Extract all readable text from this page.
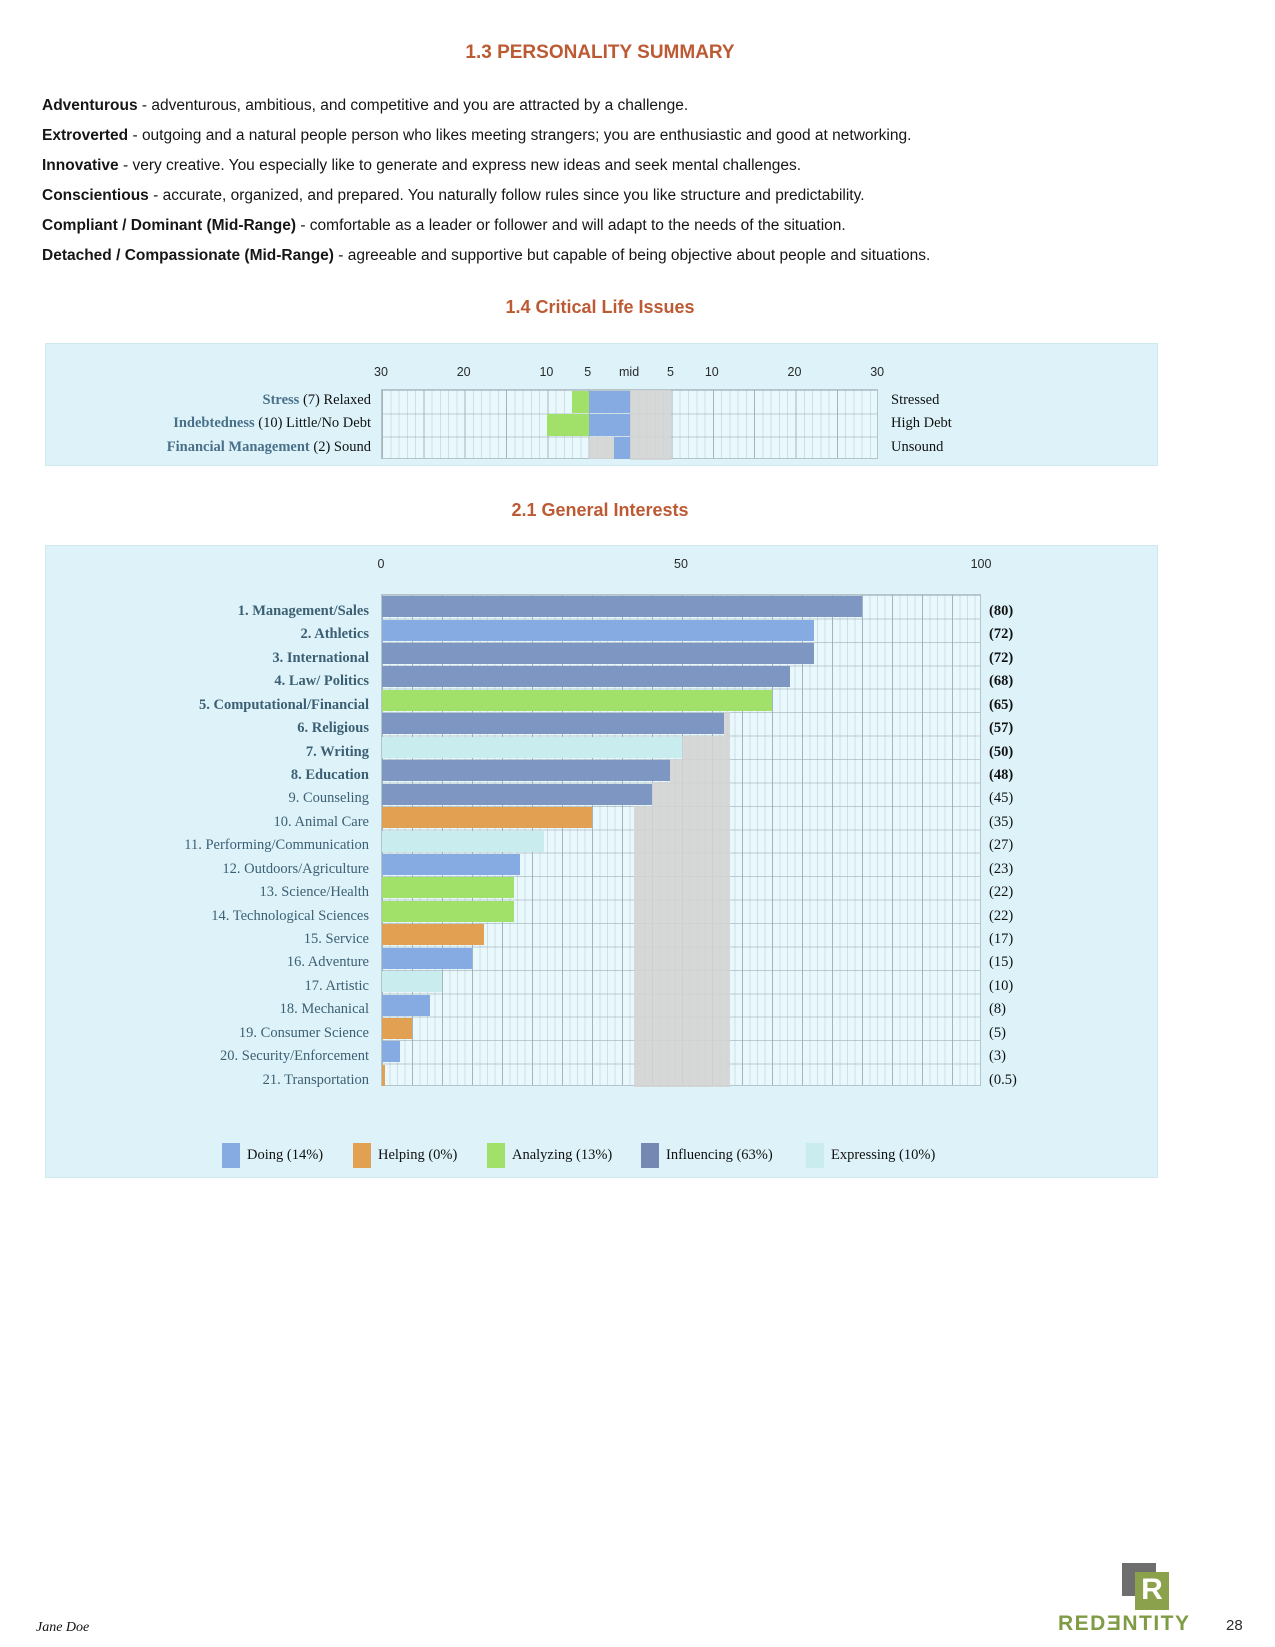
1.3 PERSONALITY SUMMARY
Adventurous - adventurous, ambitious, and competitive and you are attracted by a challenge.
Extroverted - outgoing and a natural people person who likes meeting strangers; you are enthusiastic and good at networking.
Innovative - very creative. You especially like to generate and express new ideas and seek mental challenges.
Conscientious - accurate, organized, and prepared. You naturally follow rules since you like structure and predictability.
Compliant / Dominant (Mid-Range) - comfortable as a leader or follower and will adapt to the needs of the situation.
Detached / Compassionate (Mid-Range) - agreeable and supportive but capable of being objective about people and situations.
1.4 Critical Life Issues
30	20	10 5 mid 5 10	20	30
Stress (7) Relaxed	Stressed
Indebtedness (10) Little/No Debt	High Debt
Financial Management (2) Sound	Unsound
2.1 General Interests
0	50	100
1. Management/Sales	(80)
2. Athletics	(72)
3. International	(72)
4. Law/ Politics	(68)
5. Computational/Financial	(65)
6. Religious	(57)
7. Writing	(50)
8. Education	(48)
9. Counseling	(45)
10. Animal Care	(35)
11. Performing/Communication	(27)
12. Outdoors/Agriculture	(23)
13. Science/Health	(22)
14. Technological Sciences	(22)
15. Service	(17)
16. Adventure	(15)
17. Artistic	(10)
18. Mechanical	(8)
19. Consumer Science	(5)
20. Security/Enforcement	(3)
21. Transportation	(0.5)
Doing (14%)	Helping (0%)	Analyzing (13%)	Influencing (63%)	Expressing (10%)
Jane Doe
R
REDƎNTITY 28
